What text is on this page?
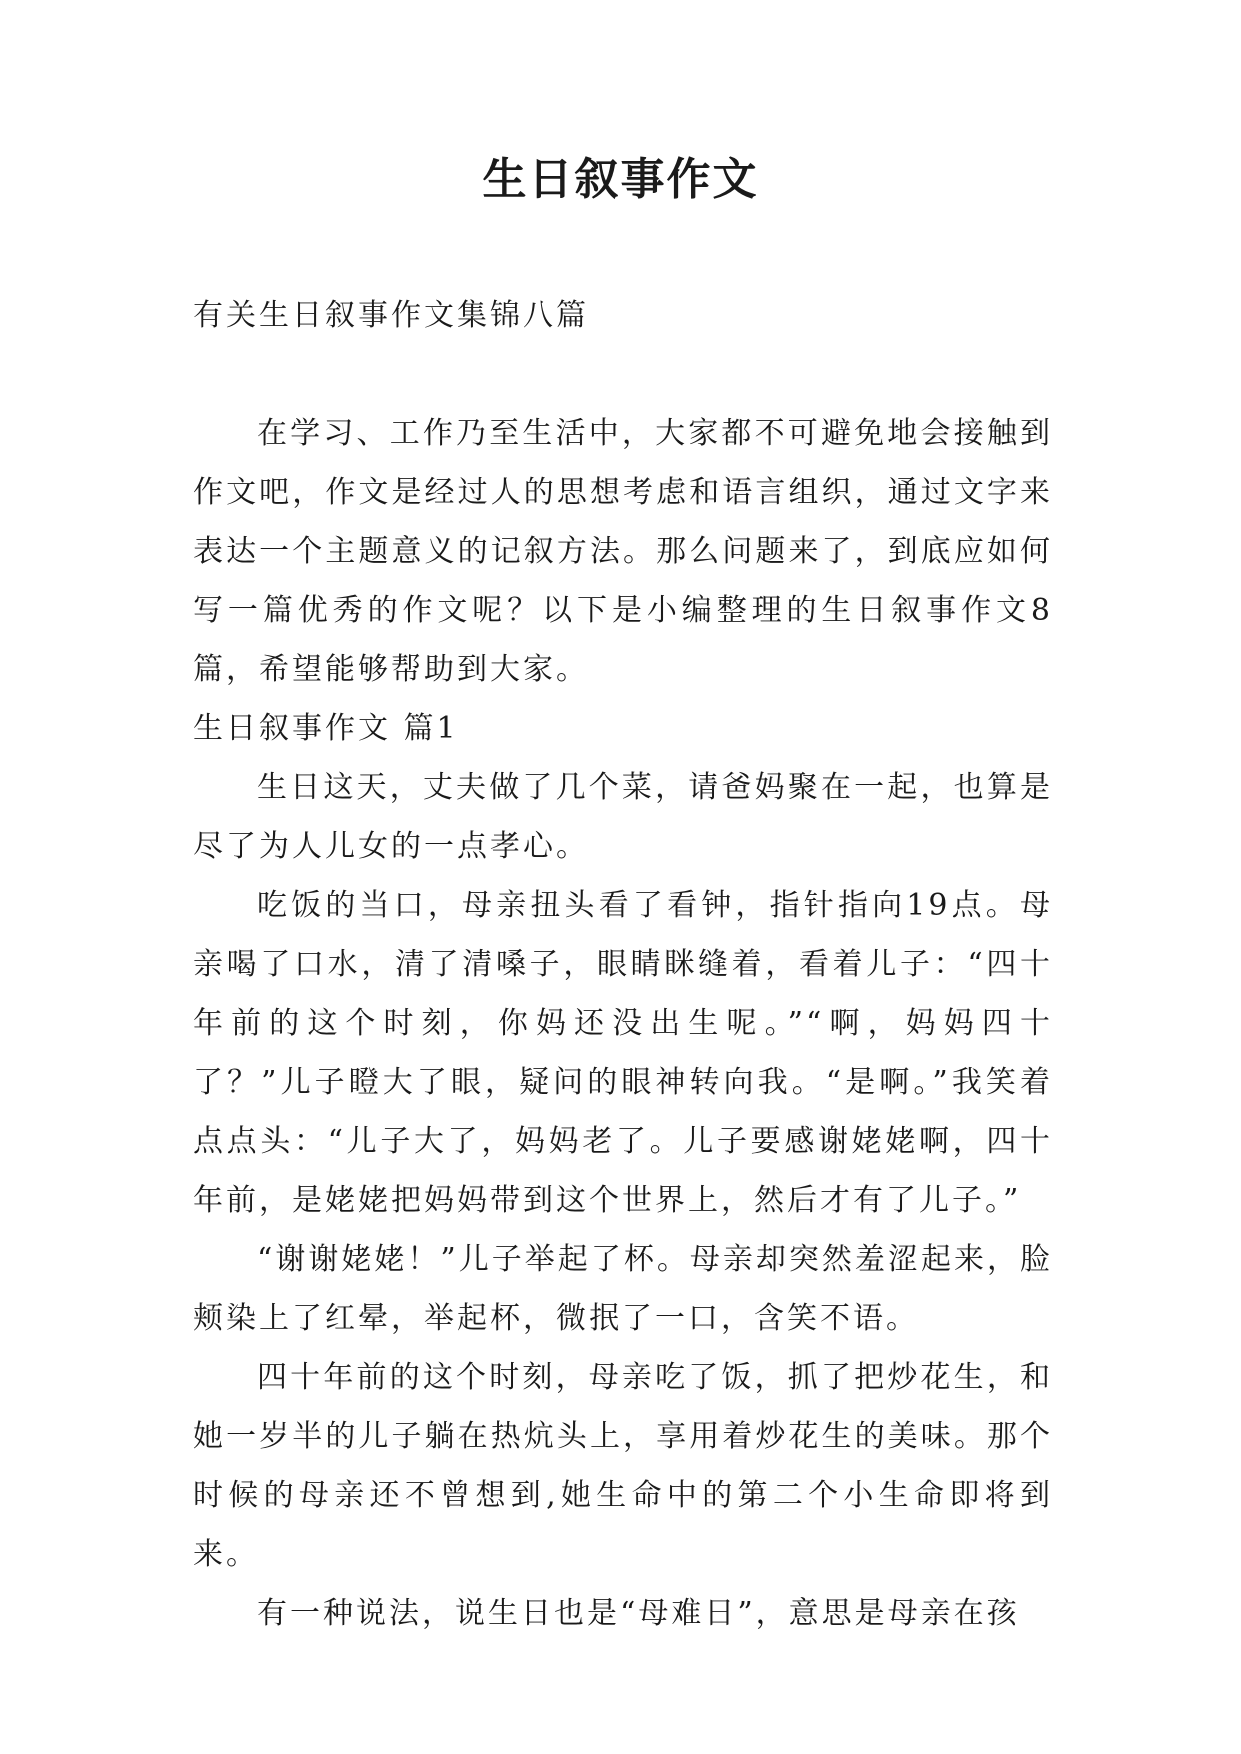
生日叙事作文

有关生日叙事作文集锦八篇

在学习、工作乃至生活中，大家都不可避免地会接触到作文吧，作文是经过人的思想考虑和语言组织，通过文字来表达一个主题意义的记叙方法。那么问题来了，到底应如何写一篇优秀的作文呢？以下是小编整理的生日叙事作文8篇，希望能够帮助到大家。

生日叙事作文 篇1

生日这天，丈夫做了几个菜，请爸妈聚在一起，也算是尽了为人儿女的一点孝心。

吃饭的当口，母亲扭头看了看钟，指针指向19点。母亲喝了口水，清了清嗓子，眼睛眯缝着，看着儿子：“四十年前的这个时刻，你妈还没出生呢。”“啊，妈妈四十了？”儿子瞪大了眼，疑问的眼神转向我。“是啊。”我笑着点点头：“儿子大了，妈妈老了。儿子要感谢姥姥啊，四十年前，是姥姥把妈妈带到这个世界上，然后才有了儿子。”

“谢谢姥姥！”儿子举起了杯。母亲却突然羞涩起来，脸颊染上了红晕，举起杯，微抿了一口，含笑不语。

四十年前的这个时刻，母亲吃了饭，抓了把炒花生，和她一岁半的儿子躺在热炕头上，享用着炒花生的美味。那个时候的母亲还不曾想到,她生命中的第二个小生命即将到来。

有一种说法，说生日也是“母难日”，意思是母亲在孩
